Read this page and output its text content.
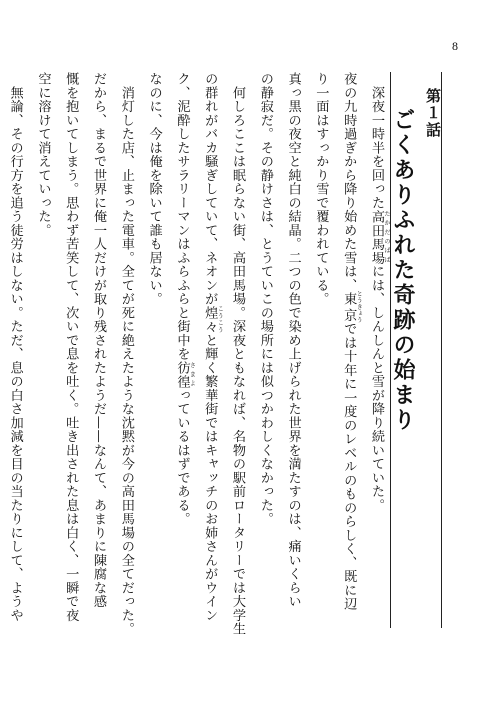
8
第１話
ごくありふれた奇跡の始まり
　深夜一時半を回った高田馬場 たかだのばばには、しんしんと雪が降り続いていた。
夜の九時過ぎから降り始めた雪は、東京 とうきょうでは十年に一度のレベルのものらしく、既に辺
り一面はすっかり雪で覆われている。
真っ黒の夜空と純白の結晶。二つの色で染め上げられた世界を満たすのは、痛いくらい
の静寂だ。その静けさは、とうていこの場所には似つかわしくなかった。
　何しろここは眠らない街、高田馬場。深夜ともなれば、名物の駅前ロータリーでは大学生
の群れがバカ騒ぎしていて、ネオンが煌々 こうこうと輝く繁華街ではキャッチのお姉さんがウイン
ク、泥酔したサラリーマンはふらふらと街中を彷徨 さまよっているはずである。
なのに、今は俺を除いて誰も居ない。
　消灯した店、止まった電車。全てが死に絶えたような沈黙が今の高田馬場の全てだった。
だから、まるで世界に俺一人だけが取り残されたようだ——なんて、あまりに陳腐な感
慨を抱いてしまう。思わず苦笑して、次いで息を吐く。吐き出された息は白く、一瞬で夜
空に溶けて消えていった。
　無論、その行方を追う徒労はしない。ただ、息の白さ加減を目の当たりにして、ようや
